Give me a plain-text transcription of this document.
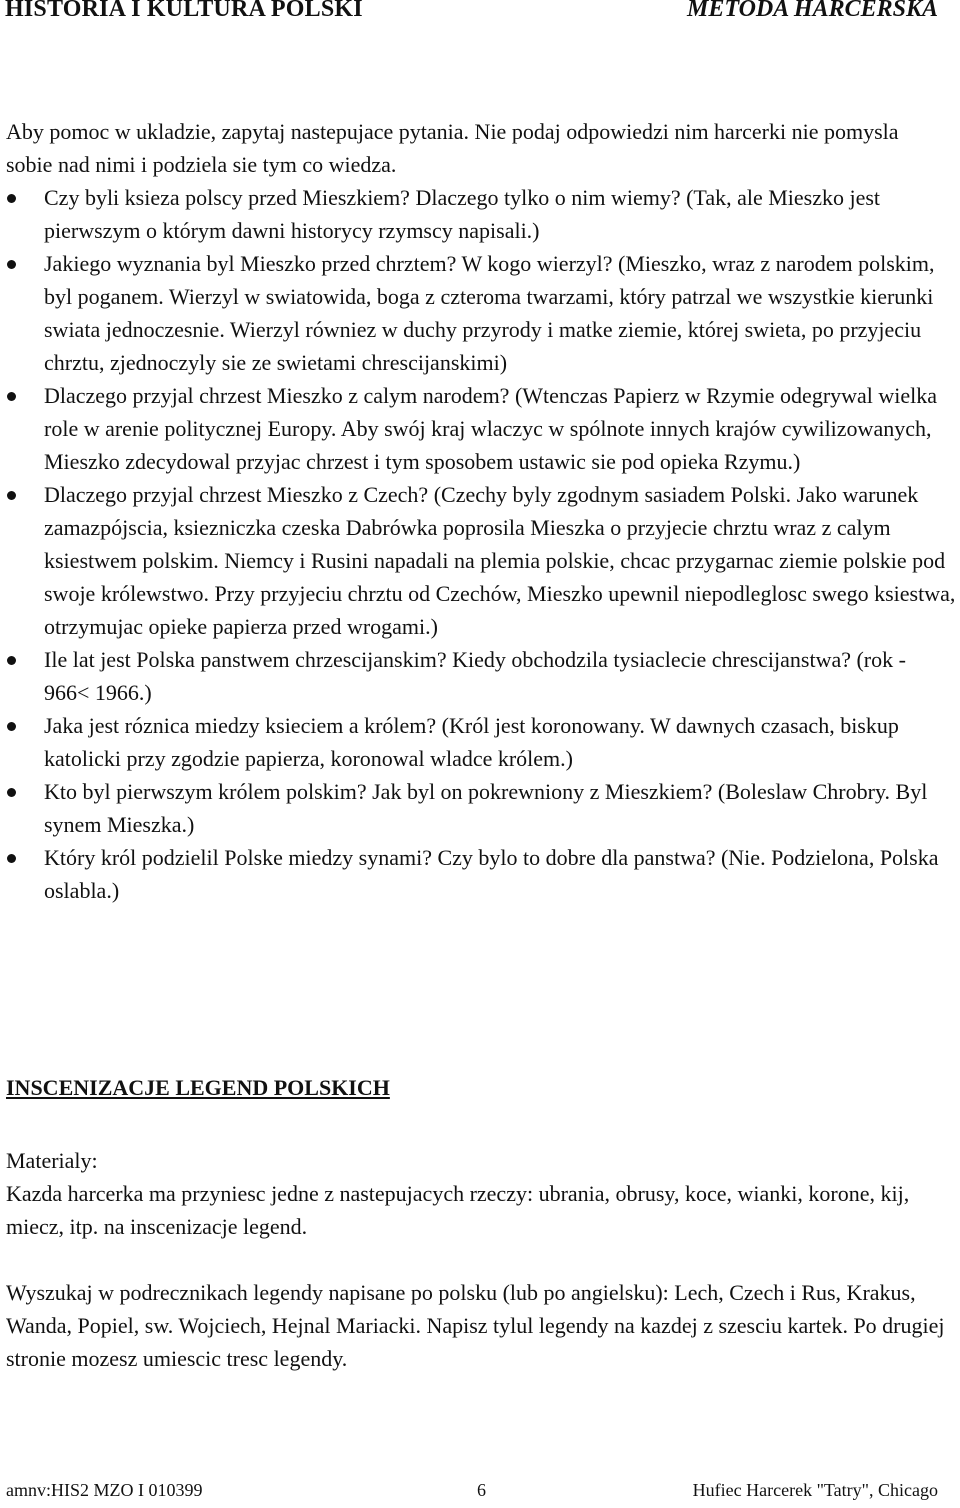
HISTORIA I KULTURA POLSKI	METODA HARCERSKA

Aby pomoc w ukladzie, zapytaj nastepujace pytania. Nie podaj odpowiedzi nim harcerki nie pomysla sobie nad nimi i podziela sie tym co wiedza.

Czy byli ksieza polscy przed Mieszkiem? Dlaczego tylko o nim wiemy? (Tak, ale Mieszko jest pierwszym o którym dawni historycy rzymscy napisali.)
Jakiego wyznania byl Mieszko przed chrztem? W kogo wierzyl? (Mieszko, wraz z narodem polskim, byl poganem. Wierzyl w swiatowida, boga z czteroma twarzami, który patrzal we wszystkie kierunki swiata jednoczesnie. Wierzyl równiez w duchy przyrody i matke ziemie, której swieta, po przyjeciu chrztu, zjednoczyly sie ze swietami chrescijanskimi)
Dlaczego przyjal chrzest Mieszko z calym narodem? (Wtenczas Papierz w Rzymie odegrywal wielka role w arenie politycznej Europy. Aby swój kraj wlaczyc w spólnote innych krajów cywilizowanych, Mieszko zdecydowal przyjac chrzest i tym sposobem ustawic sie pod opieka Rzymu.)
Dlaczego przyjal chrzest Mieszko z Czech? (Czechy byly zgodnym sasiadem Polski. Jako warunek zamazpójscia, ksiezniczka czeska Dabrówka poprosila Mieszka o przyjecie chrztu wraz z calym ksiestwem polskim. Niemcy i Rusini napadali na plemia polskie, chcac przygarnac ziemie polskie pod swoje królewstwo. Przy przyjeciu chrztu od Czechów, Mieszko upewnil niepodleglosc swego ksiestwa, otrzymujac opieke papierza przed wrogami.)
Ile lat jest Polska panstwem chrzescijanskim? Kiedy obchodzila tysiaclecie chrescijanstwa? (rok - 966< 1966.)
Jaka jest róznica miedzy ksieciem a królem? (Król jest koronowany. W dawnych czasach, biskup katolicki przy zgodzie papierza, koronowal wladce królem.)
Kto byl pierwszym królem polskim? Jak byl on pokrewniony z Mieszkiem? (Boleslaw Chrobry. Byl synem Mieszka.)
Który król podzielil Polske miedzy synami? Czy bylo to dobre dla panstwa? (Nie. Podzielona, Polska oslabla.)
INSCENIZACJE LEGEND POLSKICH

Materialy:

Kazda harcerka ma przyniesc jedne z nastepujacych rzeczy: ubrania, obrusy, koce, wianki, korone, kij, miecz, itp. na inscenizacje legend.

Wyszukaj w podrecznikach legendy napisane po polsku (lub po angielsku): Lech, Czech i Rus, Krakus, Wanda, Popiel, sw. Wojciech, Hejnal Mariacki. Napisz tylul legendy na kazdej z szesciu kartek. Po drugiej stronie mozesz umiescic tresc legendy.

amnv:HIS2 MZO I 010399	6	Hufiec Harcerek "Tatry", Chicago
